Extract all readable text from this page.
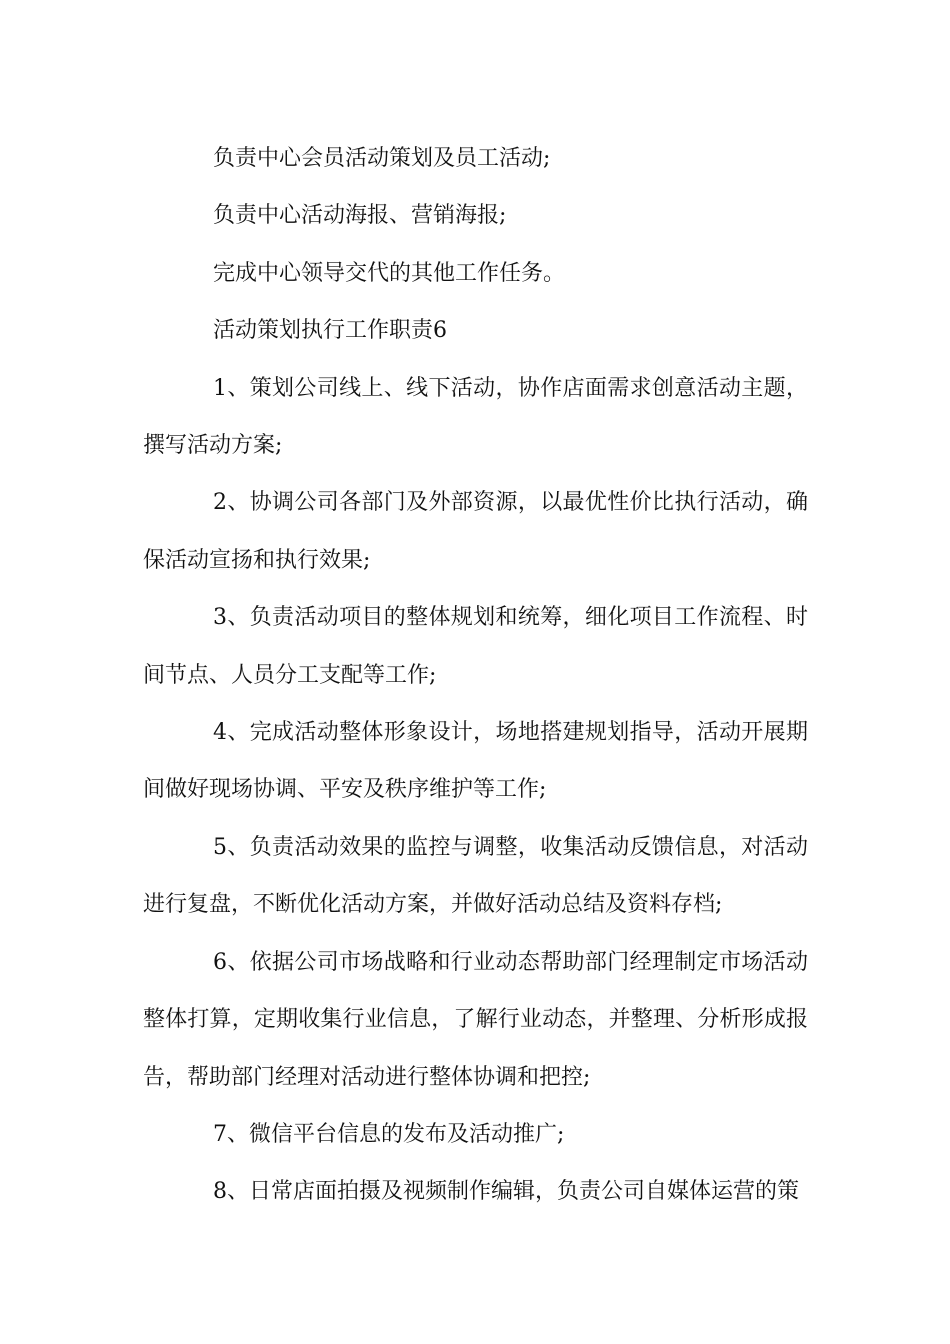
负责中心会员活动策划及员工活动;

负责中心活动海报、营销海报;

完成中心领导交代的其他工作任务。

活动策划执行工作职责6

1、策划公司线上、线下活动，协作店面需求创意活动主题，撰写活动方案;

2、协调公司各部门及外部资源，以最优性价比执行活动，确保活动宣扬和执行效果;

3、负责活动项目的整体规划和统筹，细化项目工作流程、时间节点、人员分工支配等工作;

4、完成活动整体形象设计，场地搭建规划指导，活动开展期间做好现场协调、平安及秩序维护等工作;

5、负责活动效果的监控与调整，收集活动反馈信息，对活动进行复盘，不断优化活动方案，并做好活动总结及资料存档;

6、依据公司市场战略和行业动态帮助部门经理制定市场活动整体打算，定期收集行业信息，了解行业动态，并整理、分析形成报告，帮助部门经理对活动进行整体协调和把控;

7、微信平台信息的发布及活动推广;

8、日常店面拍摄及视频制作编辑，负责公司自媒体运营的策
